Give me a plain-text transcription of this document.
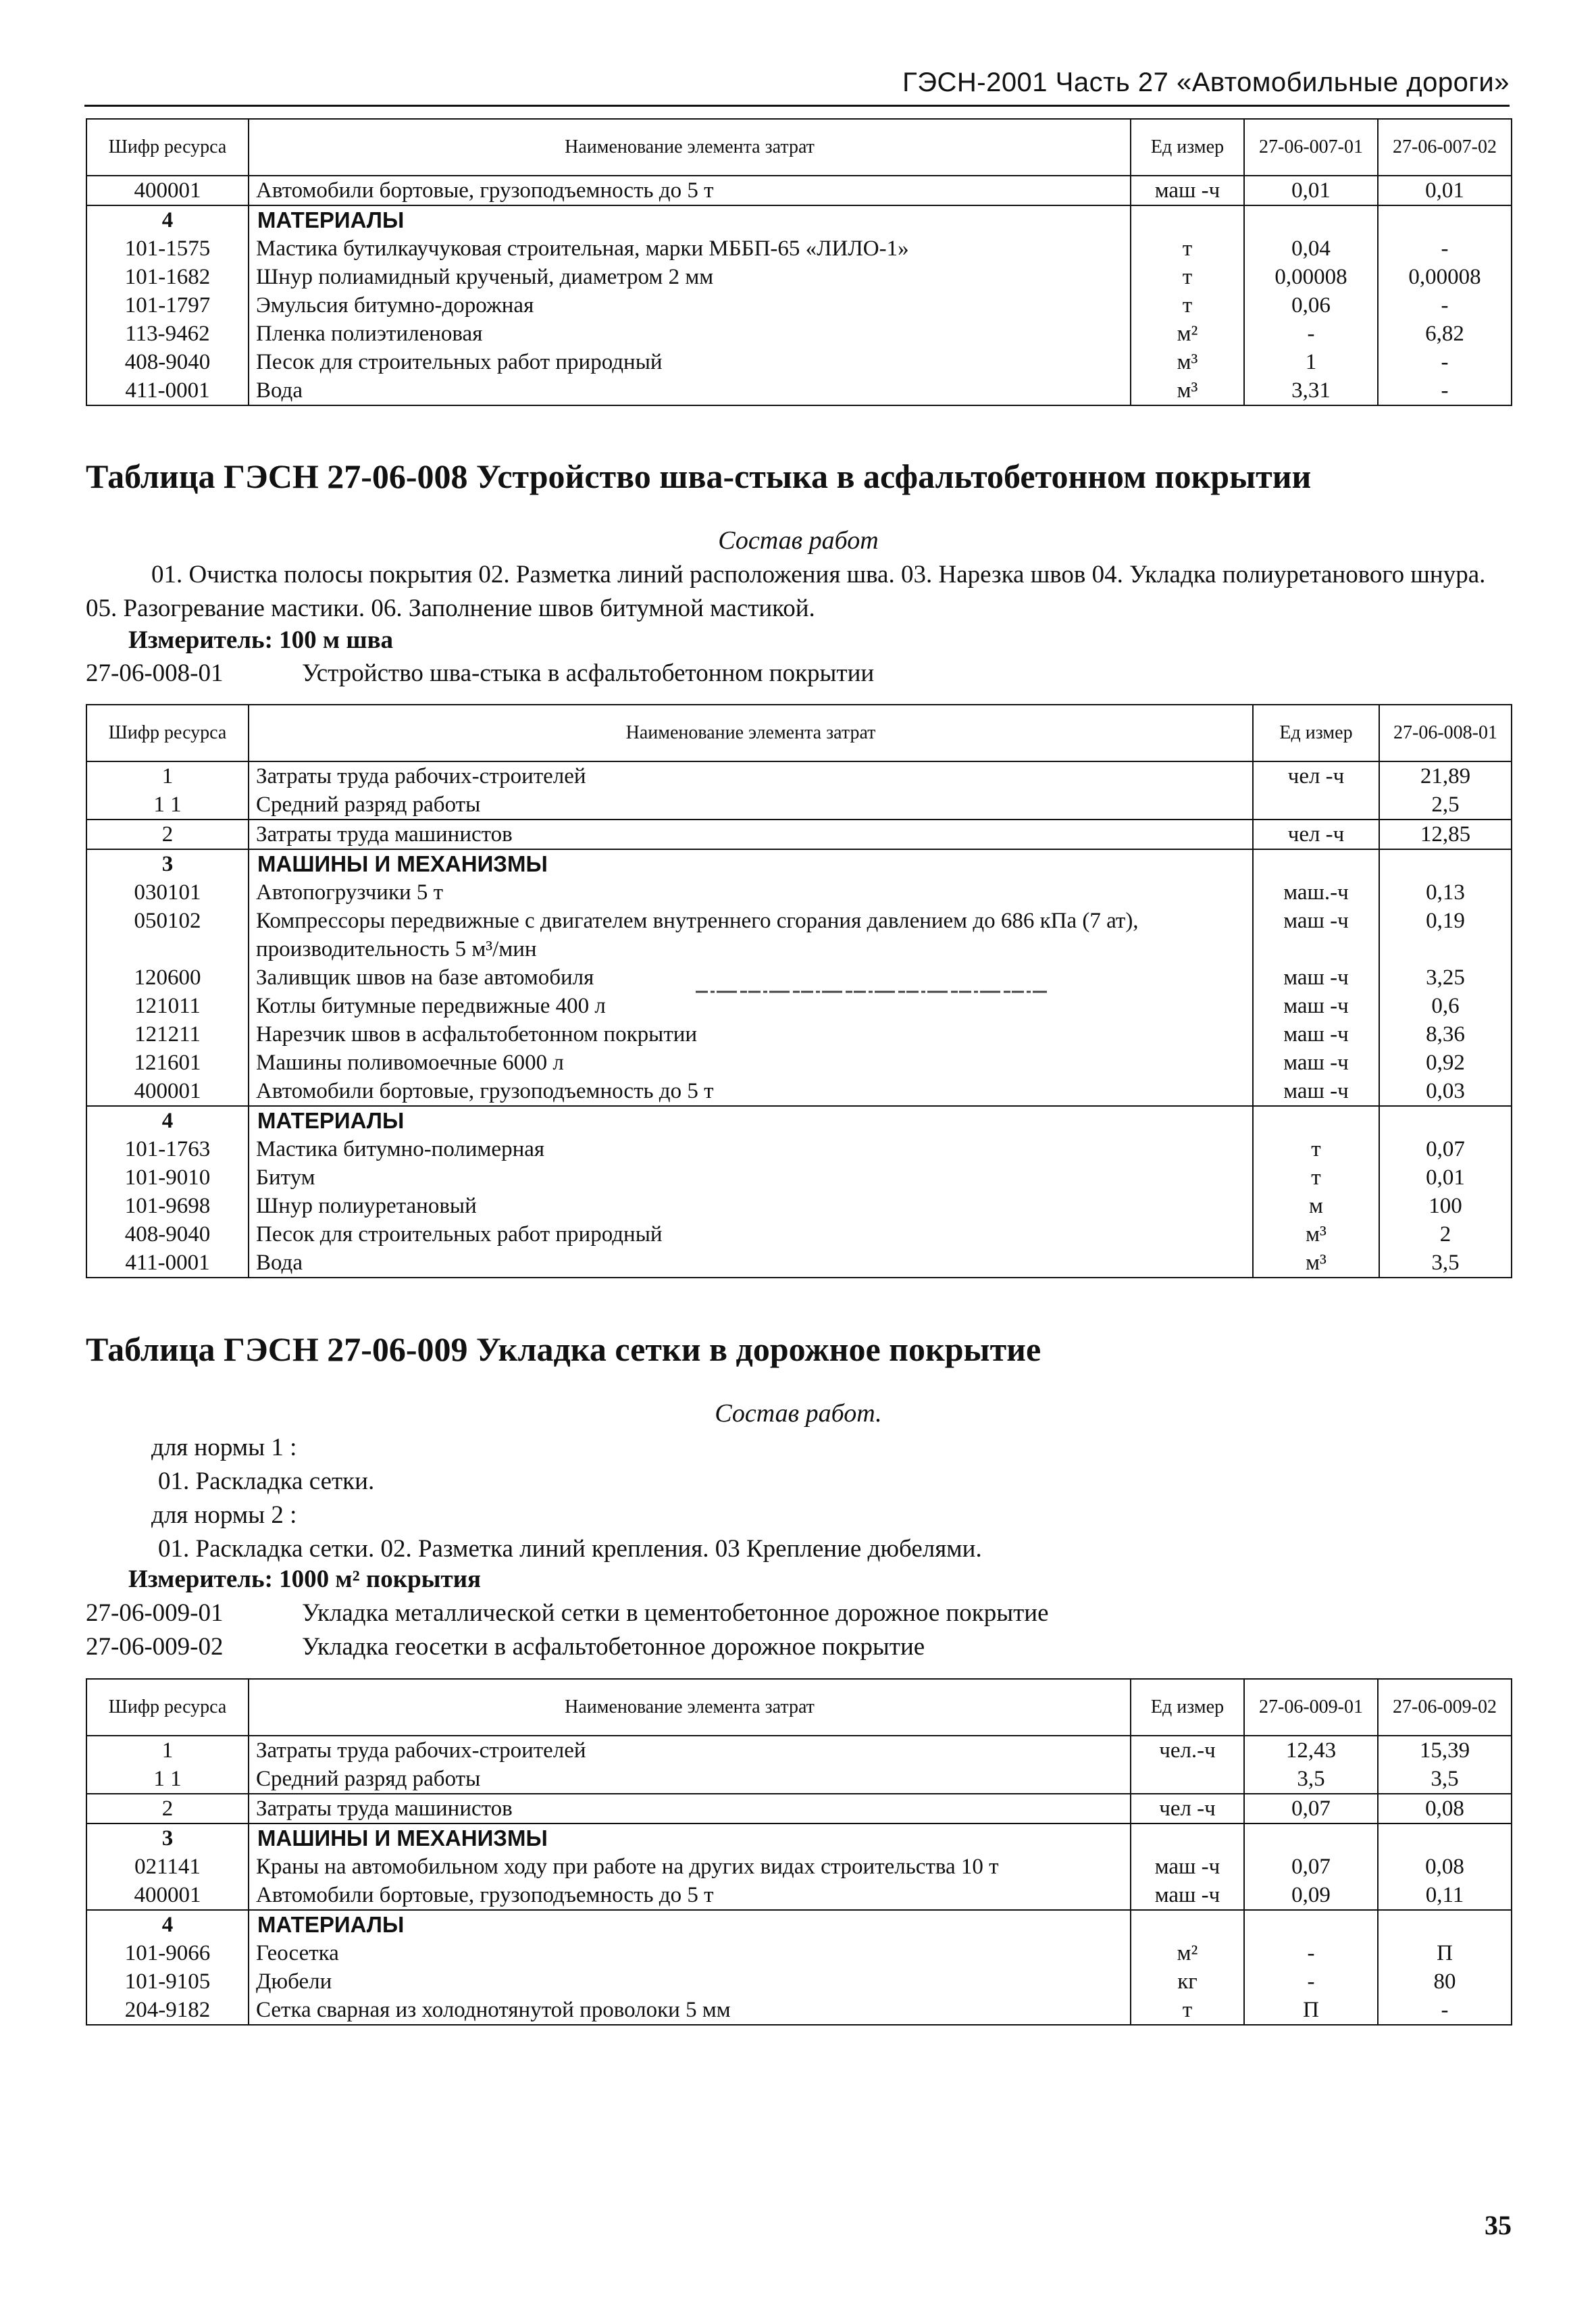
ГЭСН-2001 Часть 27 «Автомобильные дороги»
Шифр ресурса	Наименование элемента затрат	Ед измер	27-06-007-01	27-06-007-02
400001	Автомобили бортовые, грузоподъемность до 5 т	маш -ч	0,01	0,01
4	МАТЕРИАЛЫ			
101-1575	Мастика бутилкаучуковая строительная, марки МББП-65 «ЛИЛО-1»	т	0,04	-
101-1682	Шнур полиамидный крученый, диаметром 2 мм	т	0,00008	0,00008
101-1797	Эмульсия битумно-дорожная	т	0,06	-
113-9462	Пленка полиэтиленовая	м²	-	6,82
408-9040	Песок для строительных работ природный	м³	1	-
411-0001	Вода	м³	3,31	-
Таблица ГЭСН 27-06-008 Устройство шва-стыка в асфальтобетонном покрытии
Состав работ
01. Очистка полосы покрытия 02. Разметка линий расположения шва. 03. Нарезка швов 04. Укладка полиуретанового шнура. 05. Разогревание мастики. 06. Заполнение швов битумной мастикой.
Измеритель: 100 м шва
27-06-008-01	Устройство шва-стыка в асфальтобетонном покрытии
Шифр ресурса	Наименование элемента затрат	Ед измер	27-06-008-01
1	Затраты труда рабочих-строителей	чел -ч	21,89
1 1	Средний разряд работы		2,5
2	Затраты труда машинистов	чел -ч	12,85
3	МАШИНЫ И МЕХАНИЗМЫ		
030101	Автопогрузчики 5 т	маш.-ч	0,13
050102	Компрессоры передвижные с двигателем внутреннего сгорания давлением до 686 кПа (7 ат), производительность 5 м³/мин	маш -ч	0,19
120600	Заливщик швов на базе автомобиля	маш -ч	3,25
121011	Котлы битумные передвижные 400 л	маш -ч	0,6
121211	Нарезчик швов в асфальтобетонном покрытии	маш -ч	8,36
121601	Машины поливомоечные 6000 л	маш -ч	0,92
400001	Автомобили бортовые, грузоподъемность до 5 т	маш -ч	0,03
4	МАТЕРИАЛЫ		
101-1763	Мастика битумно-полимерная	т	0,07
101-9010	Битум	т	0,01
101-9698	Шнур полиуретановый	м	100
408-9040	Песок для строительных работ природный	м³	2
411-0001	Вода	м³	3,5
Таблица ГЭСН 27-06-009 Укладка сетки в дорожное покрытие
Состав работ.
для нормы 1 :
01. Раскладка сетки.
для нормы 2 :
01. Раскладка сетки. 02. Разметка линий крепления. 03 Крепление дюбелями.
Измеритель: 1000 м² покрытия
27-06-009-01	Укладка металлической сетки в цементобетонное дорожное покрытие
27-06-009-02	Укладка геосетки в асфальтобетонное дорожное покрытие
Шифр ресурса	Наименование элемента затрат	Ед измер	27-06-009-01	27-06-009-02
1	Затраты труда рабочих-строителей	чел.-ч	12,43	15,39
1 1	Средний разряд работы		3,5	3,5
2	Затраты труда машинистов	чел -ч	0,07	0,08
3	МАШИНЫ И МЕХАНИЗМЫ			
021141	Краны на автомобильном ходу при работе на других видах строительства 10 т	маш -ч	0,07	0,08
400001	Автомобили бортовые, грузоподъемность до 5 т	маш -ч	0,09	0,11
4	МАТЕРИАЛЫ			
101-9066	Геосетка	м²	-	П
101-9105	Дюбели	кг	-	80
204-9182	Сетка сварная из холоднотянутой проволоки 5 мм	т	П	-
35
